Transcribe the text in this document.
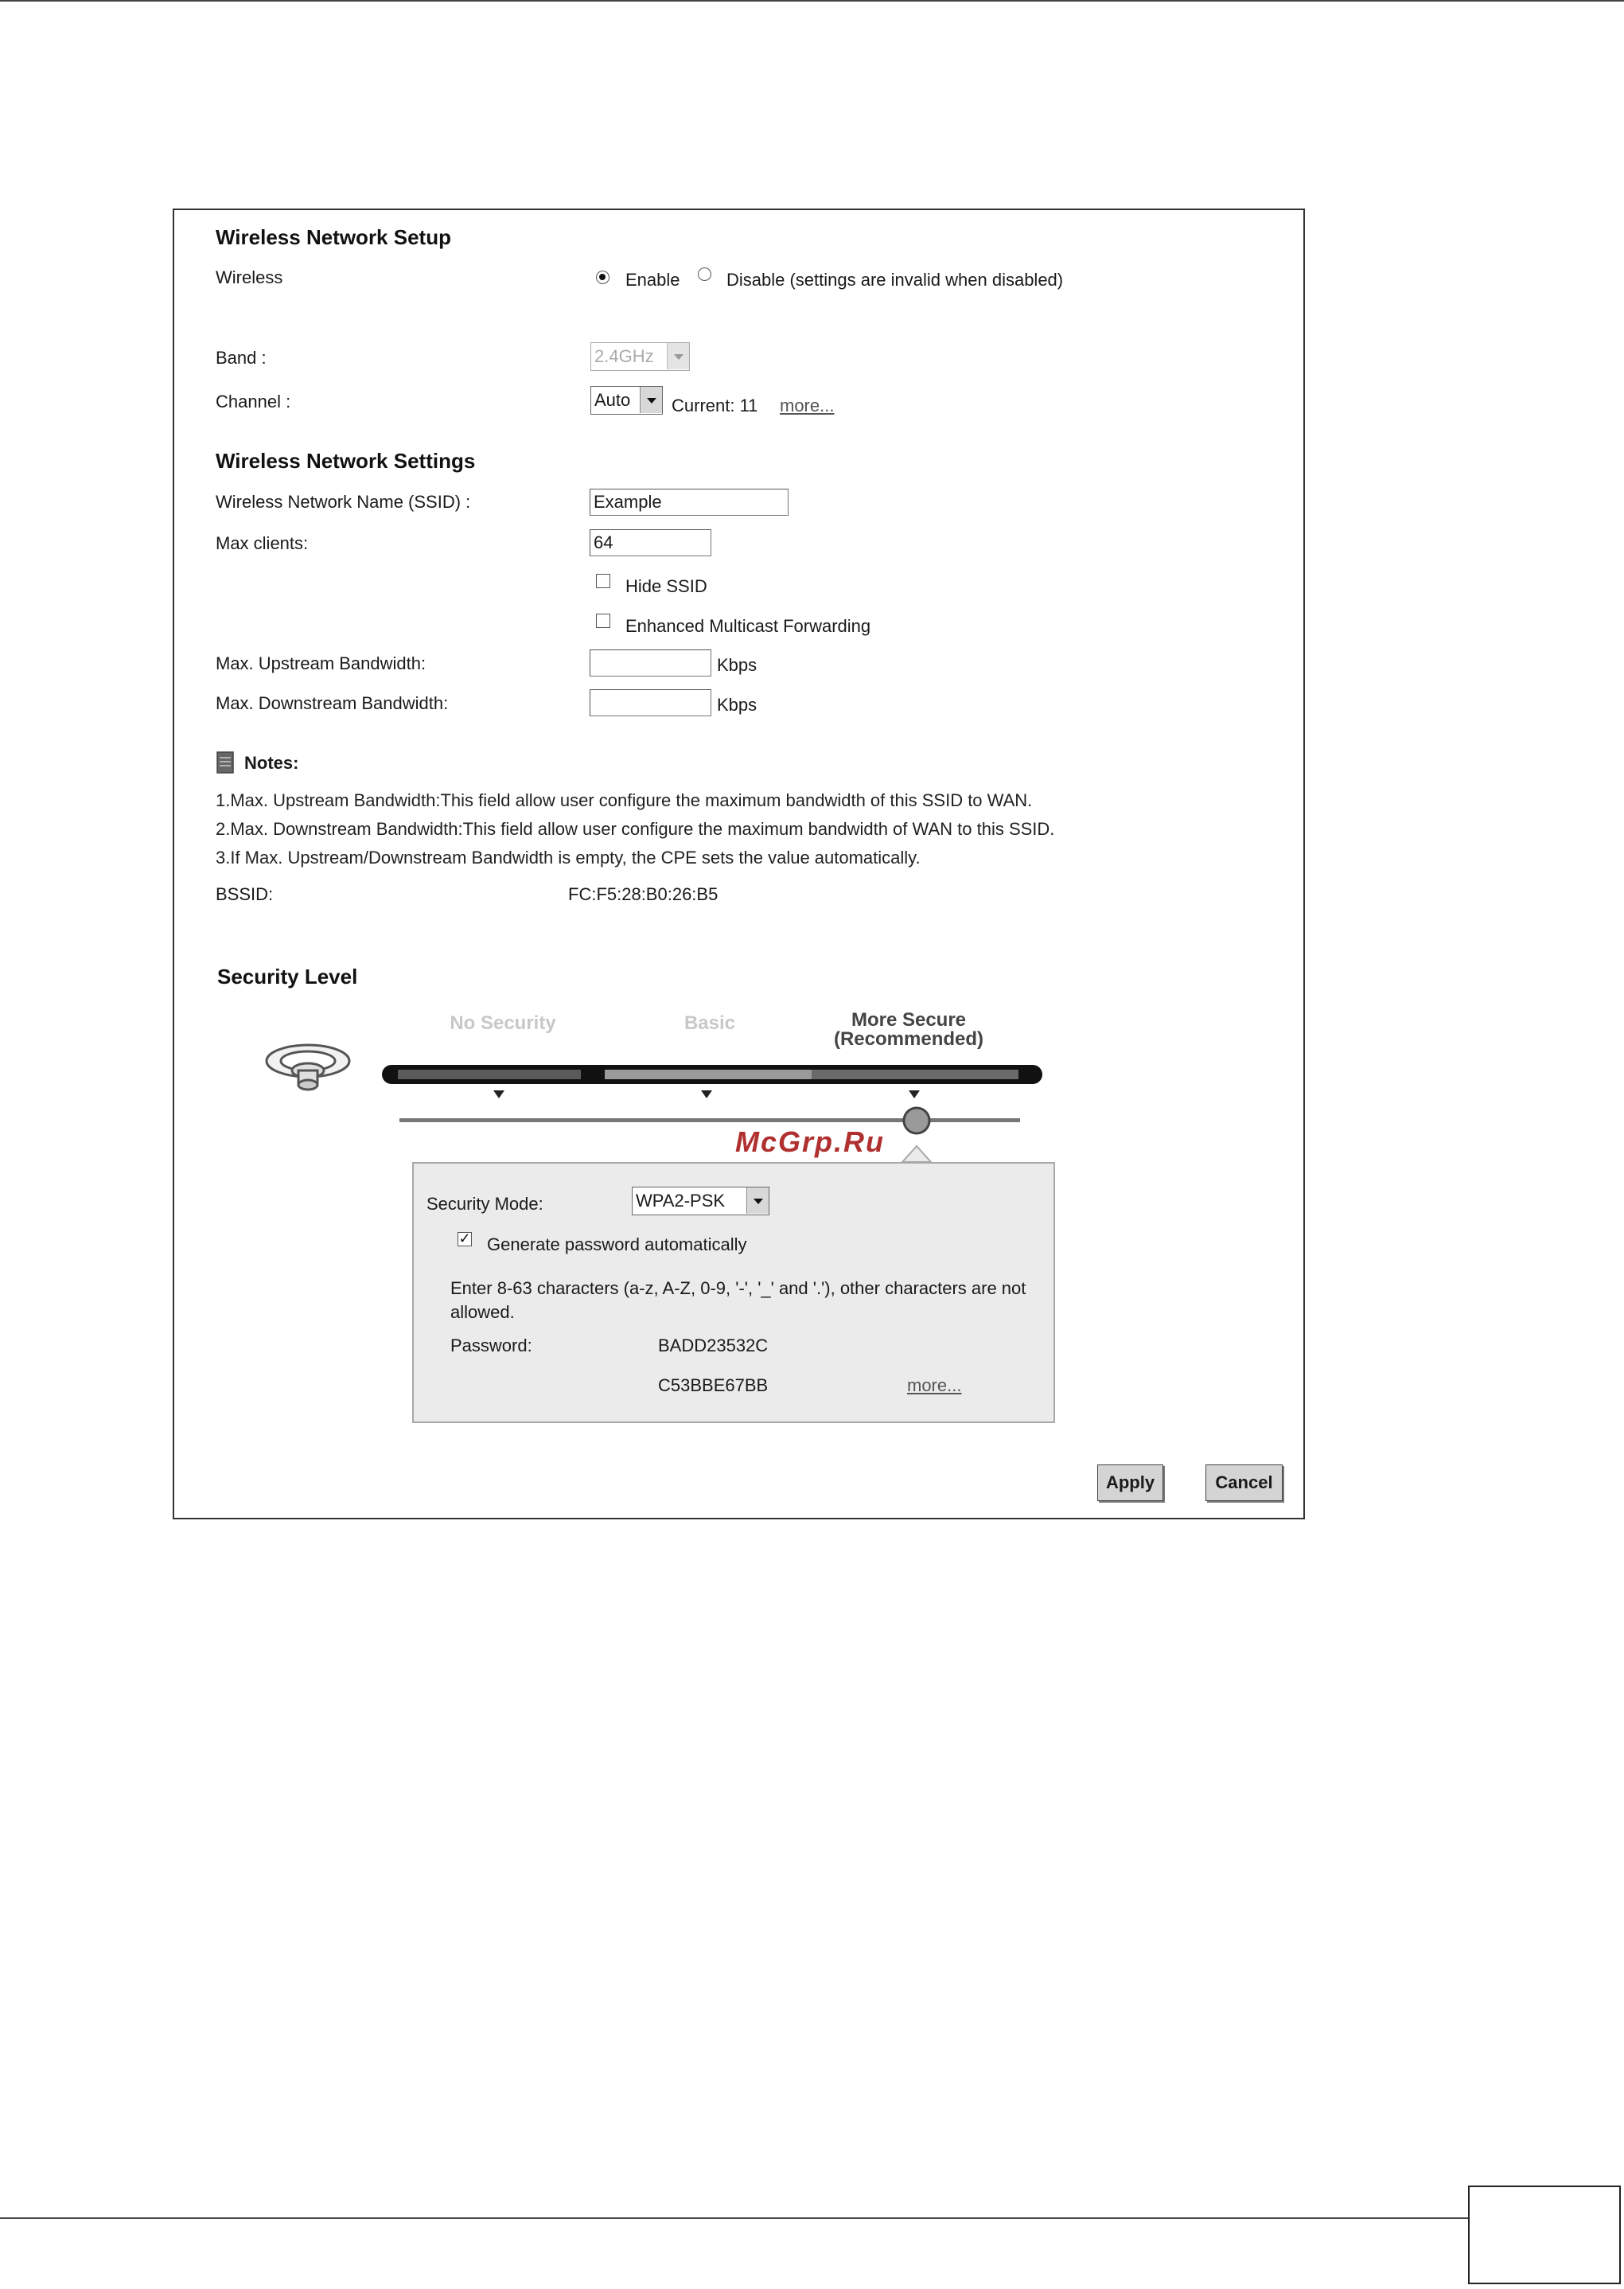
Wireless Network Setup
Wireless	Enable	Disable (settings are invalid when disabled)
Band :	2.4GHz
Channel :	Auto	Current: 11 more...
Wireless Network Settings
Wireless Network Name (SSID) :	Example
Max clients:	64
Hide SSID
Enhanced Multicast Forwarding
Max. Upstream Bandwidth:	Kbps
Max. Downstream Bandwidth:	Kbps
Notes:
1.Max. Upstream Bandwidth:This field allow user configure the maximum bandwidth of this SSID to WAN.
2.Max. Downstream Bandwidth:This field allow user configure the maximum bandwidth of WAN to this SSID.
3.If Max. Upstream/Downstream Bandwidth is empty, the CPE sets the value automatically.
BSSID:	FC:F5:28:B0:26:B5
Security Level
No Security	Basic	More Secure
(Recommended)
McGrp.Ru
Security Mode:	WPA2-PSK
✓ Generate password automatically
Enter 8-63 characters (a-z, A-Z, 0-9, '-', '_' and '.'), other characters are not allowed.
Password:	BADD23532C
C53BBE67BB	more...
Apply	Cancel
